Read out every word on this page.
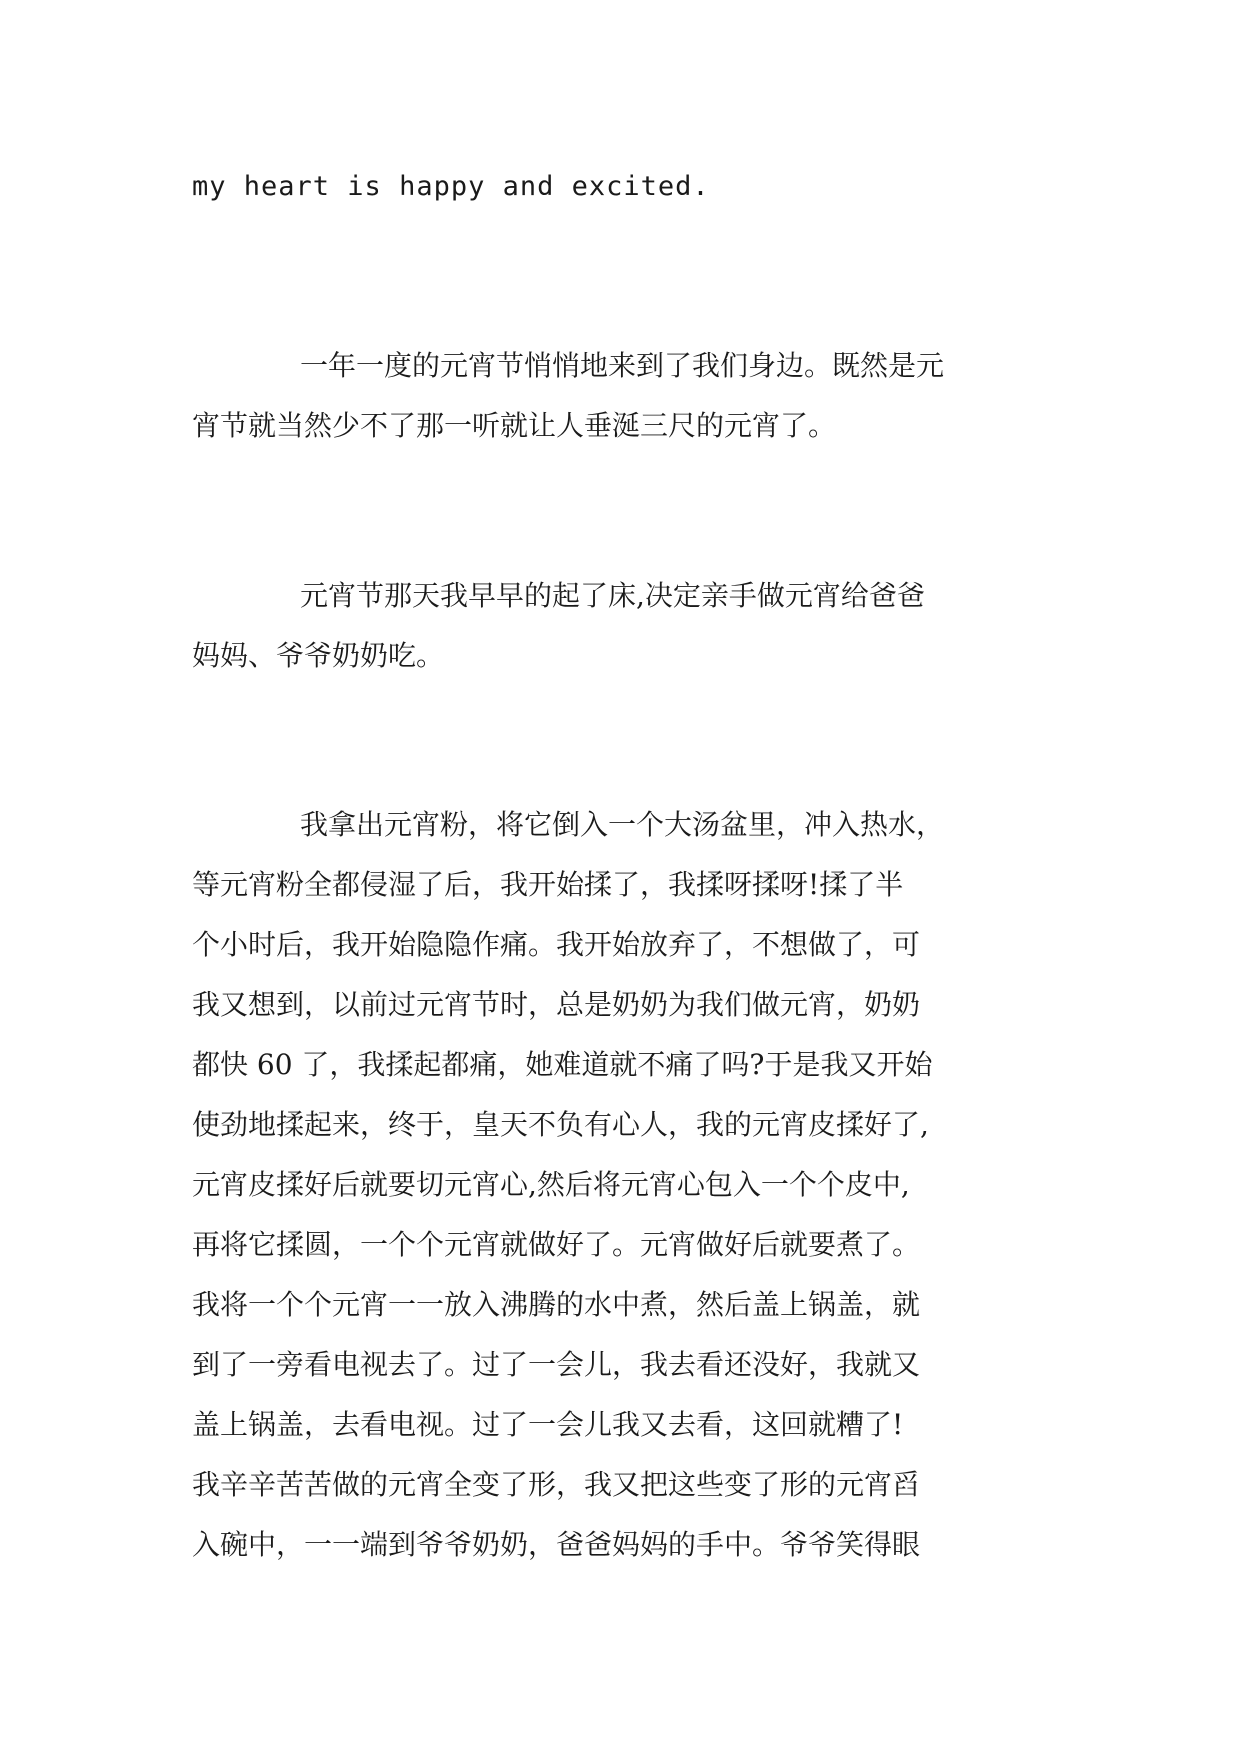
my heart is happy and excited.
一年一度的元宵节悄悄地来到了我们身边。既然是元
宵节就当然少不了那一听就让人垂涎三尺的元宵了。
元宵节那天我早早的起了床,决定亲手做元宵给爸爸
妈妈、爷爷奶奶吃。
我拿出元宵粉，将它倒入一个大汤盆里，冲入热水，
等元宵粉全都侵湿了后，我开始揉了，我揉呀揉呀!揉了半
个小时后，我开始隐隐作痛。我开始放弃了，不想做了，可
我又想到，以前过元宵节时，总是奶奶为我们做元宵，奶奶
都快 60 了，我揉起都痛，她难道就不痛了吗?于是我又开始
使劲地揉起来，终于，皇天不负有心人，我的元宵皮揉好了,
元宵皮揉好后就要切元宵心,然后将元宵心包入一个个皮中,
再将它揉圆，一个个元宵就做好了。元宵做好后就要煮了。
我将一个个元宵一一放入沸腾的水中煮，然后盖上锅盖，就
到了一旁看电视去了。过了一会儿，我去看还没好，我就又
盖上锅盖，去看电视。过了一会儿我又去看，这回就糟了!
我辛辛苦苦做的元宵全变了形，我又把这些变了形的元宵舀
入碗中，一一端到爷爷奶奶，爸爸妈妈的手中。爷爷笑得眼
